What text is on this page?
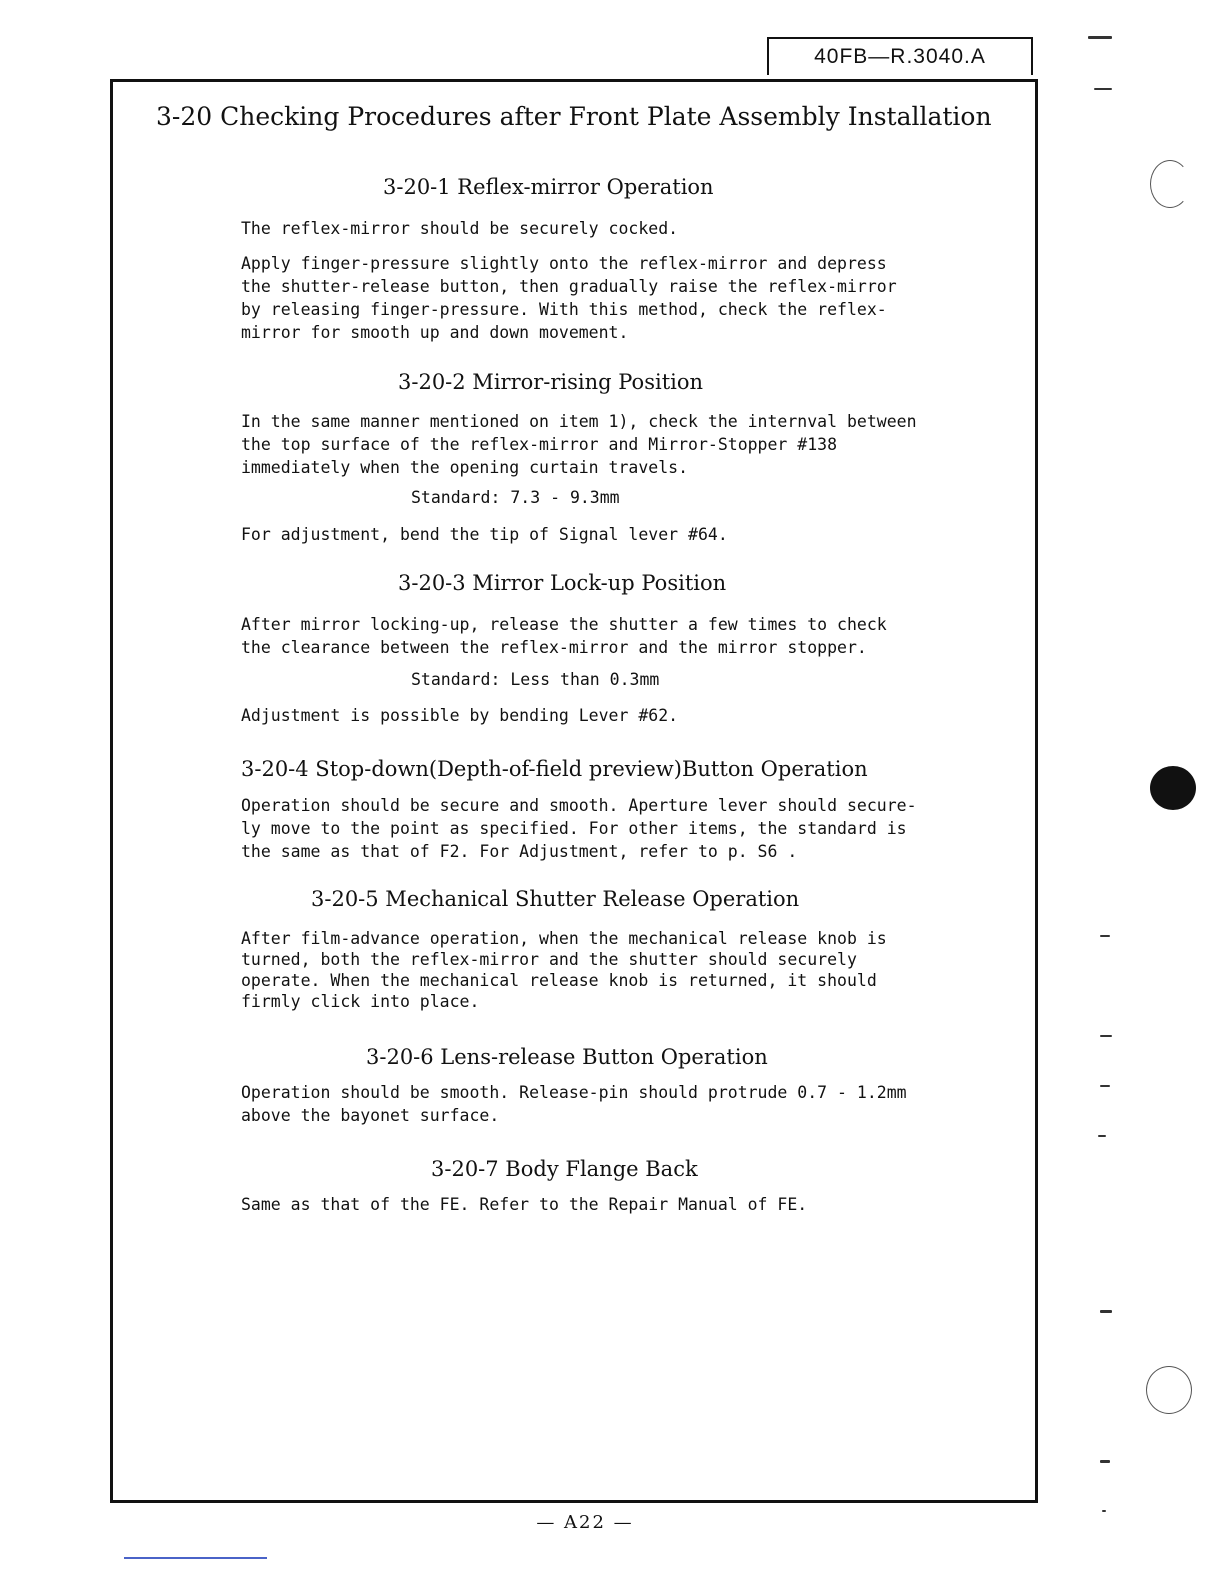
40FB—R.3040.A
3-20 Checking Procedures after Front Plate Assembly Installation
3-20-1 Reflex-mirror Operation

The reflex-mirror should be securely cocked.

Apply finger-pressure slightly onto the reflex-mirror and depress
the shutter-release button, then gradually raise the reflex-mirror
by releasing finger-pressure. With this method, check the reflex-
mirror for smooth up and down movement.

3-20-2 Mirror-rising Position

In the same manner mentioned on item 1), check the internval between
the top surface of the reflex-mirror and Mirror-Stopper #138
immediately when the opening curtain travels.

Standard: 7.3 - 9.3mm

For adjustment, bend the tip of Signal lever #64.

3-20-3 Mirror Lock-up Position

After mirror locking-up, release the shutter a few times to check
the clearance between the reflex-mirror and the mirror stopper.

Standard: Less than 0.3mm

Adjustment is possible by bending Lever #62.

3-20-4 Stop-down(Depth-of-field preview)Button Operation

Operation should be secure and smooth. Aperture lever should secure-
ly move to the point as specified. For other items, the standard is
the same as that of F2. For Adjustment, refer to p. S6 .

3-20-5 Mechanical Shutter Release Operation

After film-advance operation, when the mechanical release knob is
turned, both the reflex-mirror and the shutter should securely
operate. When the mechanical release knob is returned, it should
firmly click into place.

3-20-6 Lens-release Button Operation

Operation should be smooth. Release-pin should protrude 0.7 - 1.2mm
above the bayonet surface.

3-20-7 Body Flange Back

Same as that of the FE. Refer to the Repair Manual of FE.

— A22 —
